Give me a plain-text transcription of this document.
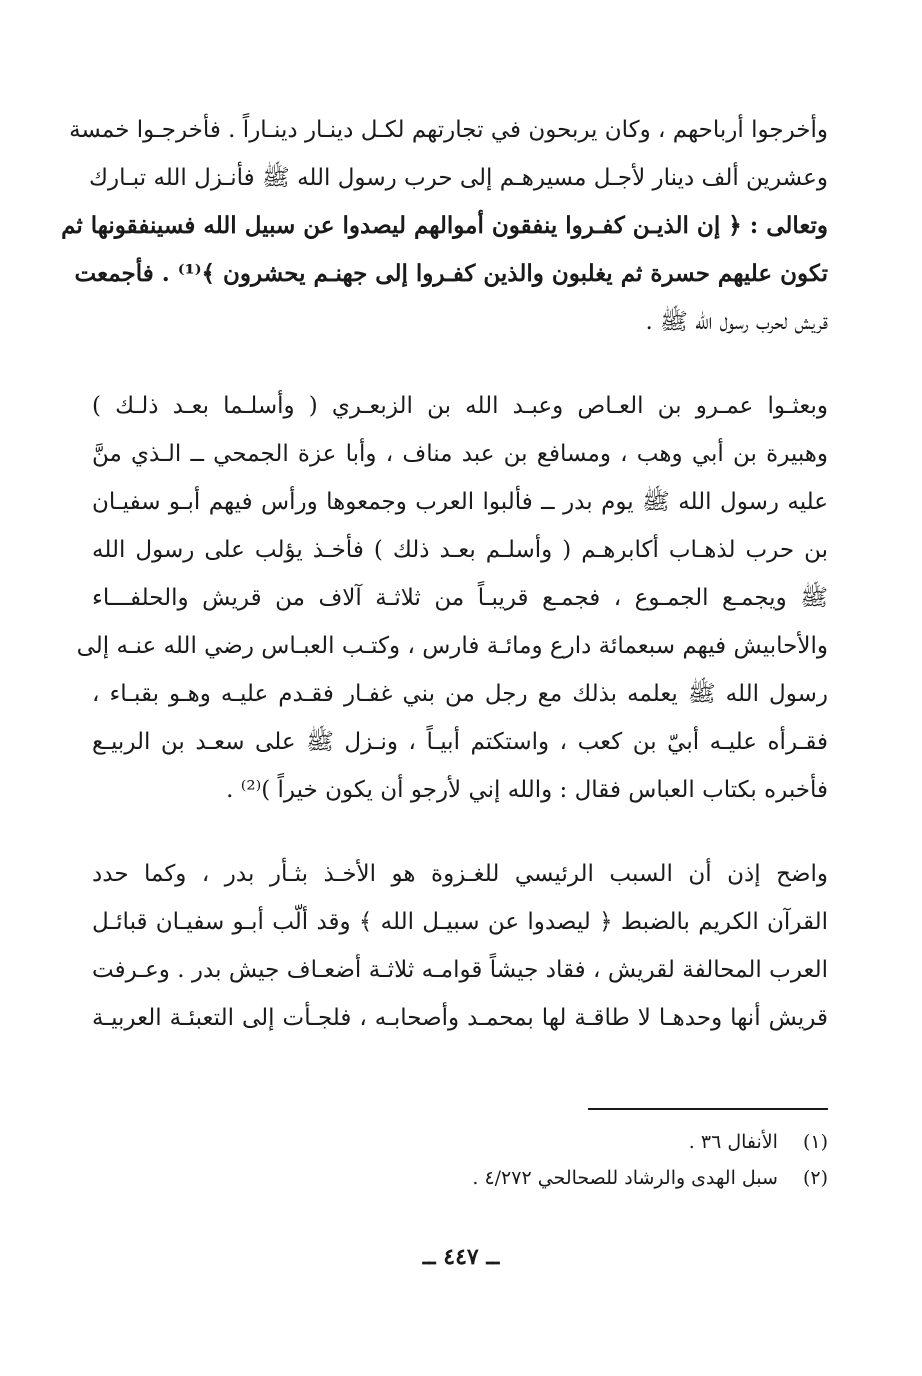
وأخرجوا أرباحهم ، وكان يربحون في تجارتهم لكـل دينـار دينـاراً . فأخرجـوا خمسة
وعشرين ألف دينار لأجـل مسيرهـم إلى حرب رسول الله ﷺ فأنـزل الله تبـارك
وتعالى : ﴿ إن الذيـن كفـروا ينفقون أموالهم ليصدوا عن سبيل الله فسينفقونها ثم
تكون عليهم حسرة ثم يغلبون والذين كفـروا إلى جهنـم يحشرون ﴾⁽¹⁾ . فأجمعت
قريش لحرب رسول الله ﷺ .
وبعثـوا عمـرو بن العـاص وعبـد الله بن الزبعـري ( وأسلـما بعـد ذلـك )
وهبيرة بن أبي وهب ، ومسافع بن عبد مناف ، وأبا عزة الجمحي ــ الـذي منَّ
عليه رسول الله ﷺ يوم بدر ــ فألبوا العرب وجمعوها ورأس فيهم أبـو سفيـان
بن حرب لذهـاب أكابرهـم ( وأسلـم بعـد ذلك ) فأخـذ يؤلب على رسول الله
ﷺ ويجمـع الجمـوع ، فجمـع قريبـاً من ثلاثـة آلاف من قريش والحلفـــاء
والأحابيش فيهم سبعمائة دارع ومائـة فارس ، وكتـب العبـاس رضي الله عنـه إلى
رسول الله ﷺ يعلمه بذلك مع رجل من بني غفـار فقـدم عليـه وهـو بقبـاء ،
فقـرأه عليـه أبيّ بن كعب ، واستكتم أبيـاً ، ونـزل ﷺ على سعـد بن الربيـع
فأخبره بكتاب العباس فقال : والله إني لأرجو أن يكون خيراً )⁽²⁾ .
واضح إذن أن السبب الرئيسي للغـزوة هو الأخـذ بثـأر بدر ، وكما حدد
القرآن الكريم بالضبط ﴿ ليصدوا عن سبيـل الله ﴾ وقد ألّب أبـو سفيـان قبائـل
العرب المحالفة لقريش ، فقاد جيشاً قوامـه ثلاثـة أضعـاف جيش بدر . وعـرفت
قريش أنها وحدهـا لا طاقـة لها بمحمـد وأصحابـه ، فلجـأت إلى التعبئـة العربيـة
(١) الأنفال ٣٦ .
(٢) سبل الهدى والرشاد للصحالحي ٤/٢٧٢ .
ــ ٤٤٧ ــ
